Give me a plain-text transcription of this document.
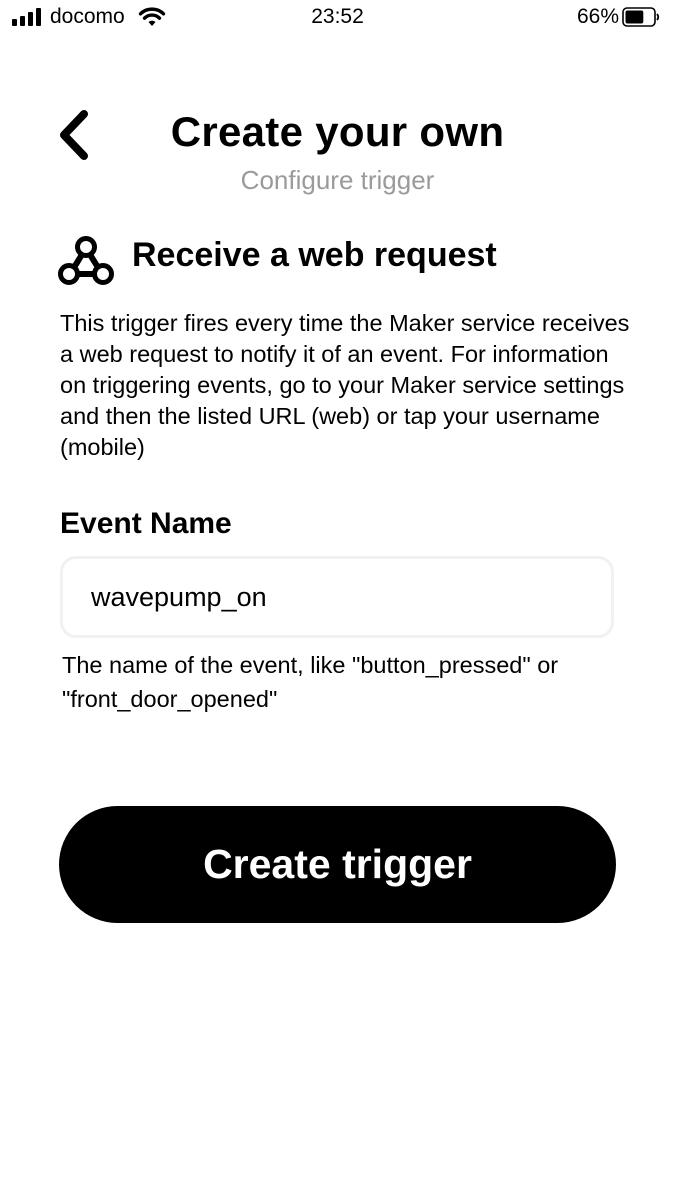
docomo	23:52	66%
Create your own
Configure trigger
Receive a web request
This trigger fires every time the Maker service receives a web request to notify it of an event. For information on triggering events, go to your Maker service settings and then the listed URL (web) or tap your username (mobile)
Event Name
wavepump_on
The name of the event, like "button_pressed" or "front_door_opened"
Create trigger
